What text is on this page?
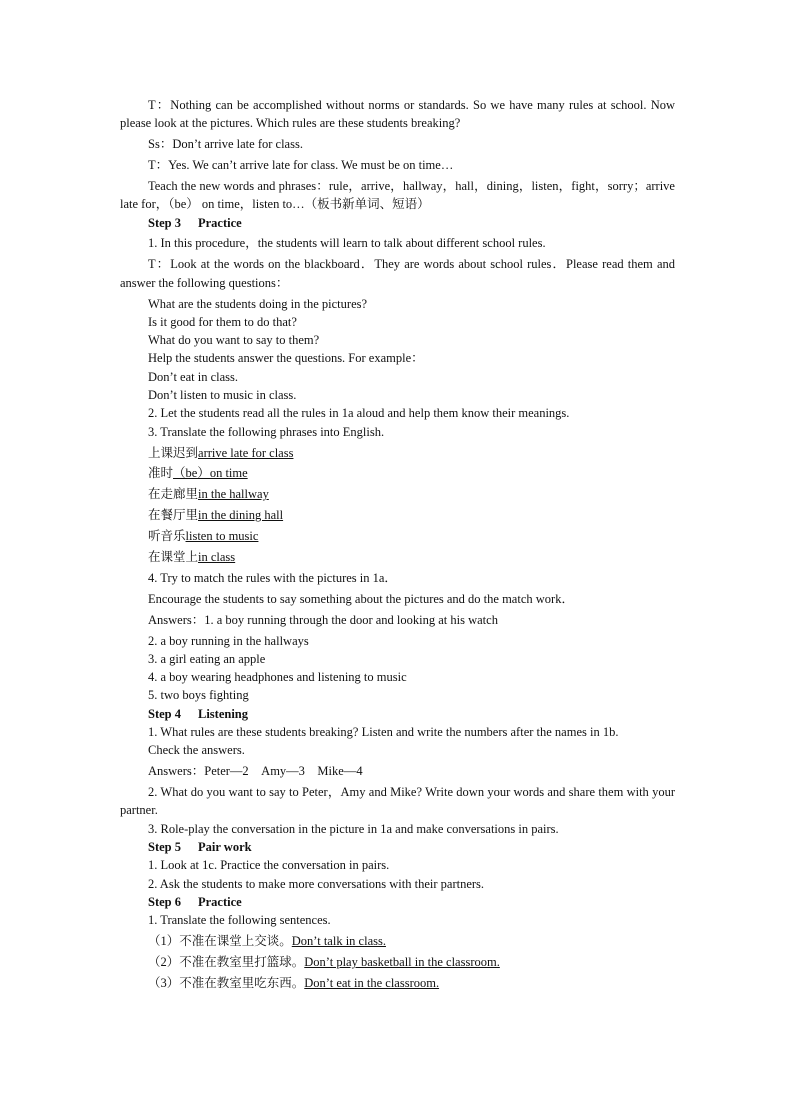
T：Nothing can be accomplished without norms or standards. So we have many rules at school. Now please look at the pictures. Which rules are these students breaking?

Ss：Don’t arrive late for class.

T：Yes. We can’t arrive late for class. We must be on time…

Teach the new words and phrases：rule，arrive，hallway，hall，dining，listen，fight，sorry；arrive late for，（be） on time，listen to…（板书新单词、短语）

Step 3 Practice

1. In this procedure，the students will learn to talk about different school rules.

T：Look at the words on the blackboard．They are words about school rules．Please read them and answer the following questions：

What are the students doing in the pictures?

Is it good for them to do that?

What do you want to say to them?

Help the students answer the questions. For example：

Don’t eat in class.

Don’t listen to music in class.

2. Let the students read all the rules in 1a aloud and help them know their meanings.

3. Translate the following phrases into English.

上课迟到arrive late for class

准时（be）on time

在走廊里in the hallway

在餐厅里in the dining hall

听音乐listen to music

在课堂上in class

4. Try to match the rules with the pictures in 1a．

Encourage the students to say something about the pictures and do the match work．

Answers：1. a boy running through the door and looking at his watch

2. a boy running in the hallways

3. a girl eating an apple

4. a boy wearing headphones and listening to music

5. two boys fighting

Step 4 Listening

1. What rules are these students breaking? Listen and write the numbers after the names in 1b.

Check the answers.

Answers：Peter—2　Amy—3　Mike—4

2. What do you want to say to Peter，Amy and Mike? Write down your words and share them with your partner.

3. Role-play the conversation in the picture in 1a and make conversations in pairs.

Step 5 Pair work

1. Look at 1c. Practice the conversation in pairs.

2. Ask the students to make more conversations with their partners.

Step 6 Practice

1. Translate the following sentences.

（1）不准在课堂上交谈。Don’t talk in class.

（2）不准在教室里打篮球。Don’t play basketball in the classroom.

（3）不准在教室里吃东西。Don’t eat in the classroom.
